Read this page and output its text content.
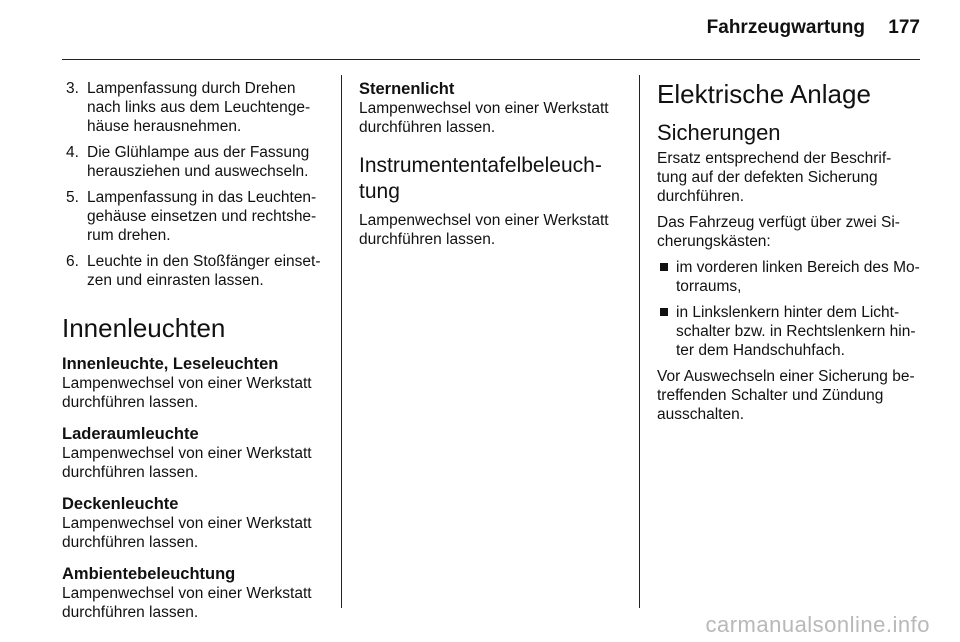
Fahrzeugwartung 177
3. Lampenfassung durch Drehen
nach links aus dem Leuchtenge-
häuse herausnehmen.

4. Die Glühlampe aus der Fassung
herausziehen und auswechseln.

5. Lampenfassung in das Leuchten-
gehäuse einsetzen und rechtshe-
rum drehen.

6. Leuchte in den Stoßfänger einset-
zen und einrasten lassen.

Innenleuchten

Innenleuchte, Leseleuchten

Lampenwechsel von einer Werkstatt
durchführen lassen.

Laderaumleuchte

Lampenwechsel von einer Werkstatt
durchführen lassen.

Deckenleuchte

Lampenwechsel von einer Werkstatt
durchführen lassen.

Ambientebeleuchtung

Lampenwechsel von einer Werkstatt
durchführen lassen.

Sternenlicht

Lampenwechsel von einer Werkstatt
durchführen lassen.

Instrumententafelbeleuch-
tung

Lampenwechsel von einer Werkstatt
durchführen lassen.

Elektrische Anlage

Sicherungen

Ersatz entsprechend der Beschrif-
tung auf der defekten Sicherung
durchführen.

Das Fahrzeug verfügt über zwei Si-
cherungskästen:

im vorderen linken Bereich des Mo-
torraums,

in Linkslenkern hinter dem Licht-
schalter bzw. in Rechtslenkern hin-
ter dem Handschuhfach.

Vor Auswechseln einer Sicherung be-
treffenden Schalter und Zündung
ausschalten.

carmanualsonline.info
